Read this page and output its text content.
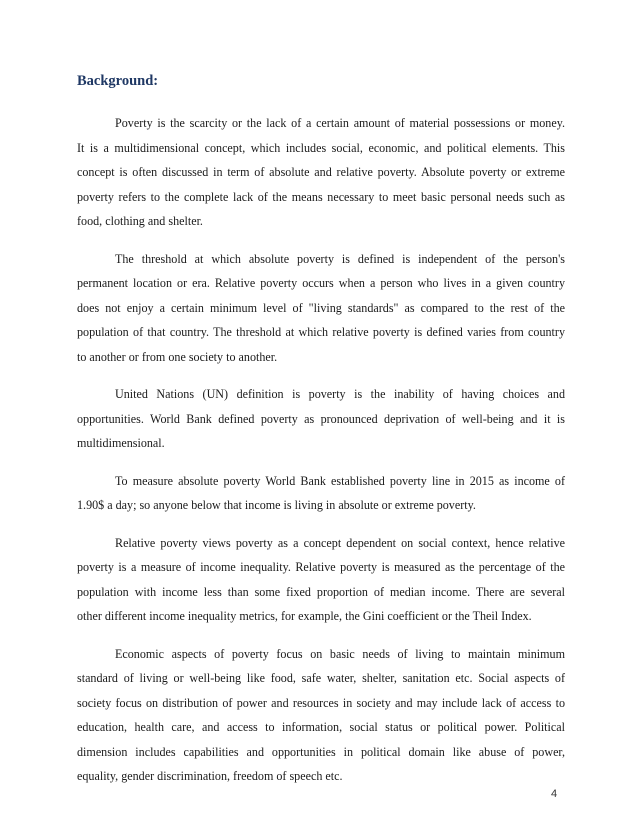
Background:

Poverty is the scarcity or the lack of a certain amount of material possessions or money.
It is a multidimensional concept, which includes social, economic, and political elements. This
concept is often discussed in term of absolute and relative poverty. Absolute poverty or extreme
poverty refers to the complete lack of the means necessary to meet basic personal needs such as
food, clothing and shelter.

The threshold at which absolute poverty is defined is independent of the person's
permanent location or era. Relative poverty occurs when a person who lives in a given country
does not enjoy a certain minimum level of "living standards" as compared to the rest of the
population of that country. The threshold at which relative poverty is defined varies from country
to another or from one society to another.

United Nations (UN) definition is poverty is the inability of having choices and
opportunities. World Bank defined poverty as pronounced deprivation of well-being and it is
multidimensional.

To measure absolute poverty World Bank established poverty line in 2015 as income of
1.90$ a day; so anyone below that income is living in absolute or extreme poverty.

Relative poverty views poverty as a concept dependent on social context, hence relative
poverty is a measure of income inequality. Relative poverty is measured as the percentage of the
population with income less than some fixed proportion of median income. There are several
other different income inequality metrics, for example, the Gini coefficient or the Theil Index.

Economic aspects of poverty focus on basic needs of living to maintain minimum
standard of living or well-being like food, safe water, shelter, sanitation etc. Social aspects of
society focus on distribution of power and resources in society and may include lack of access to
education, health care, and access to information, social status or political power. Political
dimension includes capabilities and opportunities in political domain like abuse of power,
equality, gender discrimination, freedom of speech etc.

4
